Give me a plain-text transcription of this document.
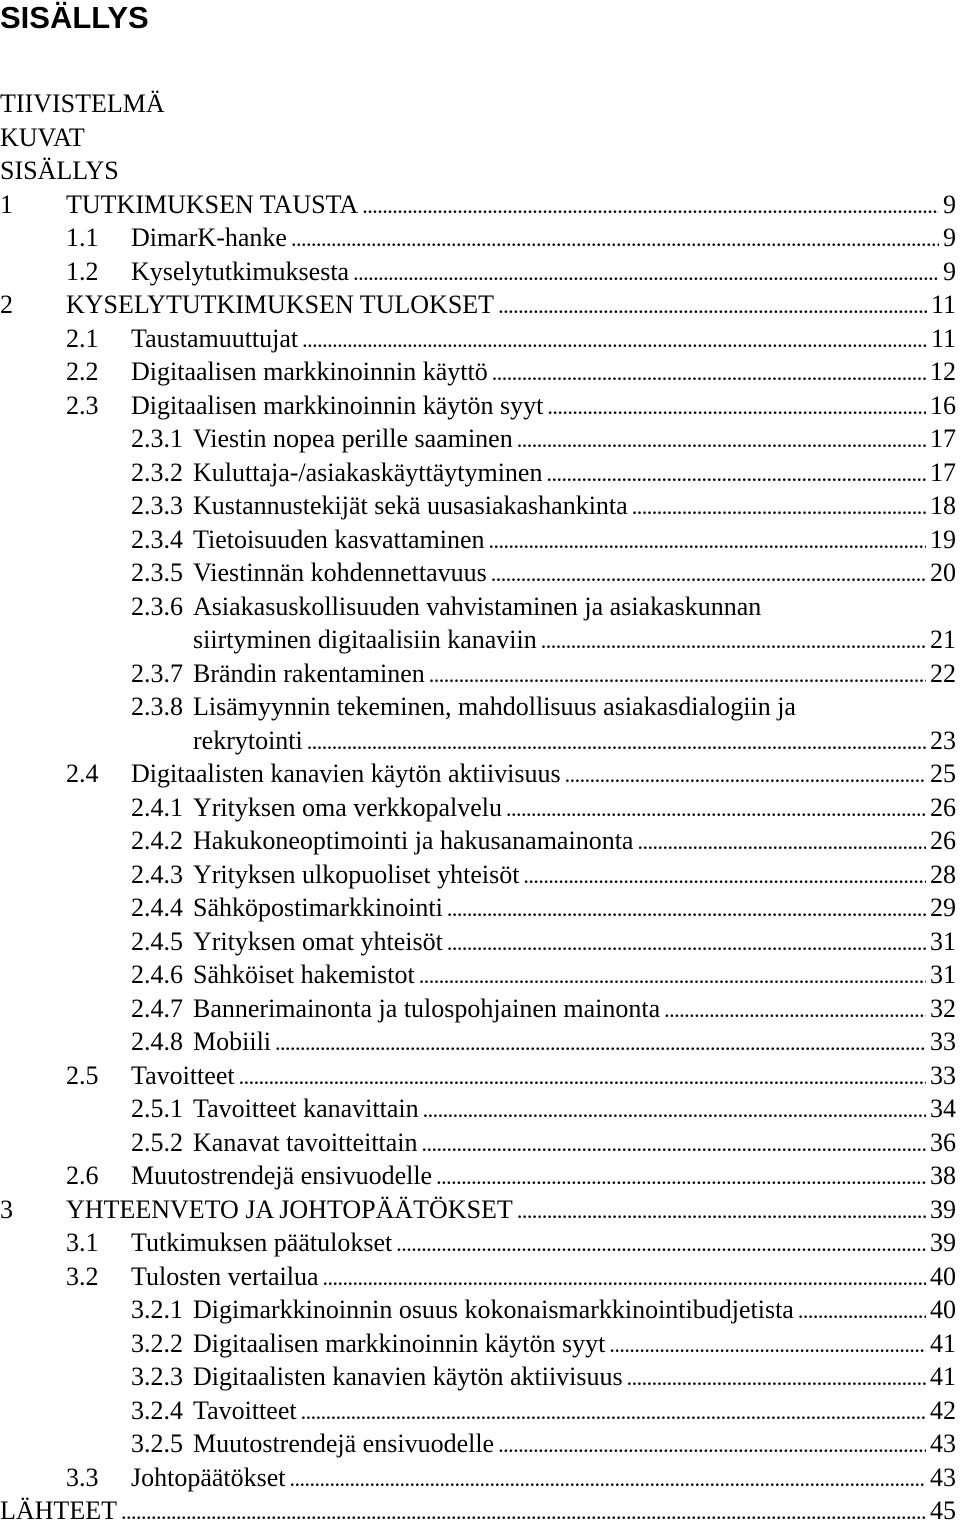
SISÄLLYS
TIIVISTELMÄ
KUVAT
SISÄLLYS
1 TUTKIMUKSEN TAUSTA . . .	9
1.1 DimarK-hanke . . .	9
1.2 Kyselytutkimuksesta . . .	9
2 KYSELYTUTKIMUKSEN TULOKSET . . .	11
2.1 Taustamuuttujat . . .	11
2.2 Digitaalisen markkinoinnin käyttö . . .	12
2.3 Digitaalisen markkinoinnin käytön syyt . . .	16
2.3.1 Viestin nopea perille saaminen . . .	17
2.3.2 Kuluttaja-/asiakaskäyttäytyminen . . .	17
2.3.3 Kustannustekijät sekä uusasiakashankinta . . .	18
2.3.4 Tietoisuuden kasvattaminen . . .	19
2.3.5 Viestinnän kohdennettavuus . . .	20
2.3.6 Asiakasuskollisuuden vahvistaminen ja asiakaskunnan
siirtyminen digitaalisiin kanaviin . . .	21
2.3.7 Brändin rakentaminen . . .	22
2.3.8 Lisämyynnin tekeminen, mahdollisuus asiakasdialogiin ja
rekrytointi . . .	23
2.4 Digitaalisten kanavien käytön aktiivisuus . . .	25
2.4.1 Yrityksen oma verkkopalvelu . . .	26
2.4.2 Hakukoneoptimointi ja hakusanamainonta . . .	26
2.4.3 Yrityksen ulkopuoliset yhteisöt . . .	28
2.4.4 Sähköpostimarkkinointi . . .	29
2.4.5 Yrityksen omat yhteisöt . . .	31
2.4.6 Sähköiset hakemistot . . .	31
2.4.7 Bannerimainonta ja tulospohjainen mainonta . . .	32
2.4.8 Mobiili . . .	33
2.5 Tavoitteet . . .	33
2.5.1 Tavoitteet kanavittain . . .	34
2.5.2 Kanavat tavoitteittain . . .	36
2.6 Muutostrendejä ensivuodelle . . .	38
3 YHTEENVETO JA JOHTOPÄÄTÖKSET . . .	39
3.1 Tutkimuksen päätulokset . . .	39
3.2 Tulosten vertailua . . .	40
3.2.1 Digimarkkinoinnin osuus kokonaismarkkinointibudjetista . . .	40
3.2.2 Digitaalisen markkinoinnin käytön syyt . . .	41
3.2.3 Digitaalisten kanavien käytön aktiivisuus . . .	41
3.2.4 Tavoitteet . . .	42
3.2.5 Muutostrendejä ensivuodelle . . .	43
3.3 Johtopäätökset . . .	43
LÄHTEET . . .	45
